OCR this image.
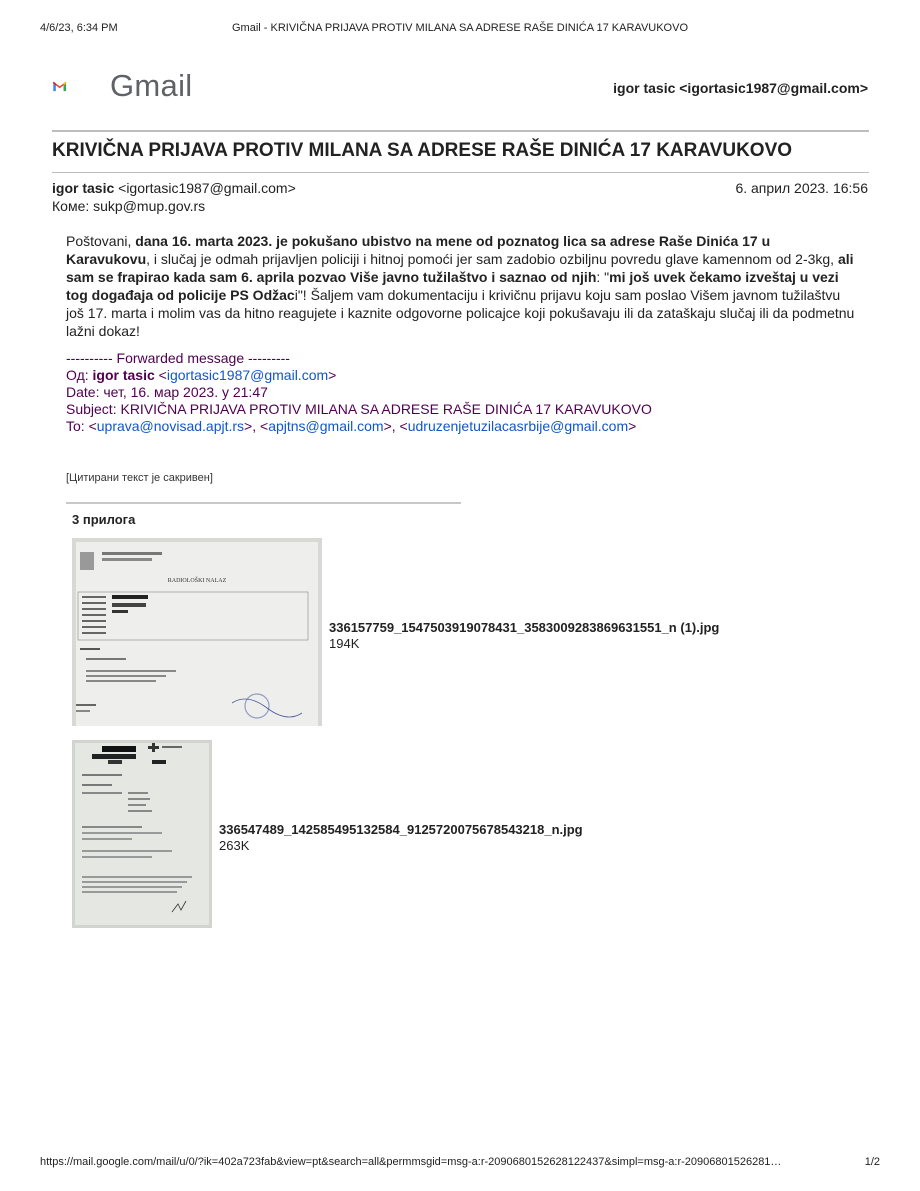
4/6/23, 6:34 PM	Gmail - KRIVIČNA PRIJAVA PROTIV MILANA SA ADRESE RAŠE DINIĆA 17 KARAVUKOVO
Gmail	igor tasic <igortasic1987@gmail.com>
KRIVIČNA PRIJAVA PROTIV MILANA SA ADRESE RAŠE DINIĆA 17 KARAVUKOVO
igor tasic <igortasic1987@gmail.com>	6. април 2023. 16:56
Коме: sukp@mup.gov.rs
Poštovani, dana 16. marta 2023. je pokušano ubistvo na mene od poznatog lica sa adrese Raše Dinića 17 u Karavukovu, i slučaj je odmah prijavljen policiji i hitnoj pomoći jer sam zadobio ozbiljnu povredu glave kamennom od 2-3kg, ali sam se frapirao kada sam 6. aprila pozvao Više javno tužilaštvo i saznao od njih: "mi još uvek čekamo izveštaj u vezi tog događaja od policije PS Odžaci"! Šaljem vam dokumentaciju i krivičnu prijavu koju sam poslao Višem javnom tužilaštvu još 17. marta i molim vas da hitno reagujete i kaznite odgovorne policajce koji pokušavaju ili da zataškaju slučaj ili da podmetnu lažni dokaz!
---------- Forwarded message ---------
Од: igor tasic <igortasic1987@gmail.com>
Date: чет, 16. мар 2023. у 21:47
Subject: KRIVIČNA PRIJAVA PROTIV MILANA SA ADRESE RAŠE DINIĆA 17 KARAVUKOVO
To: <uprava@novisad.apjt.rs>, <apjtns@gmail.com>, <udruzenjetuzilacasrbije@gmail.com>
[Цитирани текст је сакривен]
3 прилога
RADIOLOŠKI NALAZ
336157759_1547503919078431_3583009283869631551_n (1).jpg
194K
336547489_142585495132584_9125720075678543218_n.jpg
263K
https://mail.google.com/mail/u/0/?ik=402a723fab&view=pt&search=all&permmsgid=msg-a:r-2090680152628122437&simpl=msg-a:r-20906801526281…	1/2
